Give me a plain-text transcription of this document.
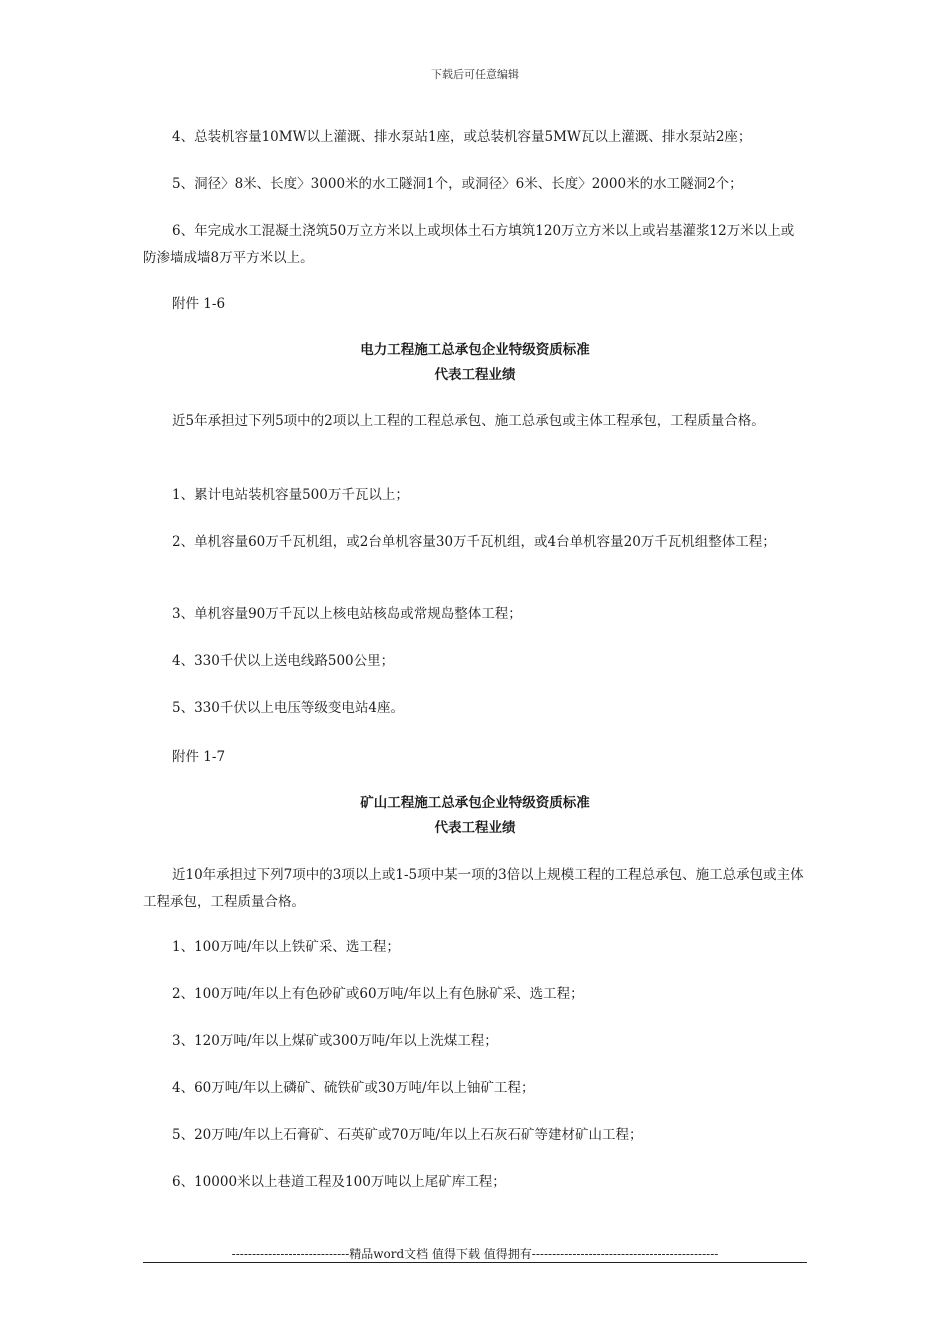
下载后可任意编辑

4、总装机容量10MW以上灌溉、排水泵站1座，或总装机容量5MW瓦以上灌溉、排水泵站2座；

5、洞径〉8米、长度〉3000米的水工隧洞1个，或洞径〉6米、长度〉2000米的水工隧洞2个；

6、年完成水工混凝土浇筑50万立方米以上或坝体土石方填筑120万立方米以上或岩基灌浆12万米以上或防渗墙成墙8万平方米以上。

附件 1-6

电力工程施工总承包企业特级资质标准

代表工程业绩

近5年承担过下列5项中的2项以上工程的工程总承包、施工总承包或主体工程承包，工程质量合格。

1、累计电站装机容量500万千瓦以上；

2、单机容量60万千瓦机组，或2台单机容量30万千瓦机组，或4台单机容量20万千瓦机组整体工程；

3、单机容量90万千瓦以上核电站核岛或常规岛整体工程；

4、330千伏以上送电线路500公里；

5、330千伏以上电压等级变电站4座。

附件 1-7

矿山工程施工总承包企业特级资质标准

代表工程业绩

近10年承担过下列7项中的3项以上或1-5项中某一项的3倍以上规模工程的工程总承包、施工总承包或主体工程承包，工程质量合格。

1、100万吨/年以上铁矿采、选工程；

2、100万吨/年以上有色砂矿或60万吨/年以上有色脉矿采、选工程；

3、120万吨/年以上煤矿或300万吨/年以上洗煤工程；

4、60万吨/年以上磷矿、硫铁矿或30万吨/年以上铀矿工程；

5、20万吨/年以上石膏矿、石英矿或70万吨/年以上石灰石矿等建材矿山工程；

6、10000米以上巷道工程及100万吨以上尾矿库工程；

-----------------------------精品word文档 值得下载 值得拥有----------------------------------------------
